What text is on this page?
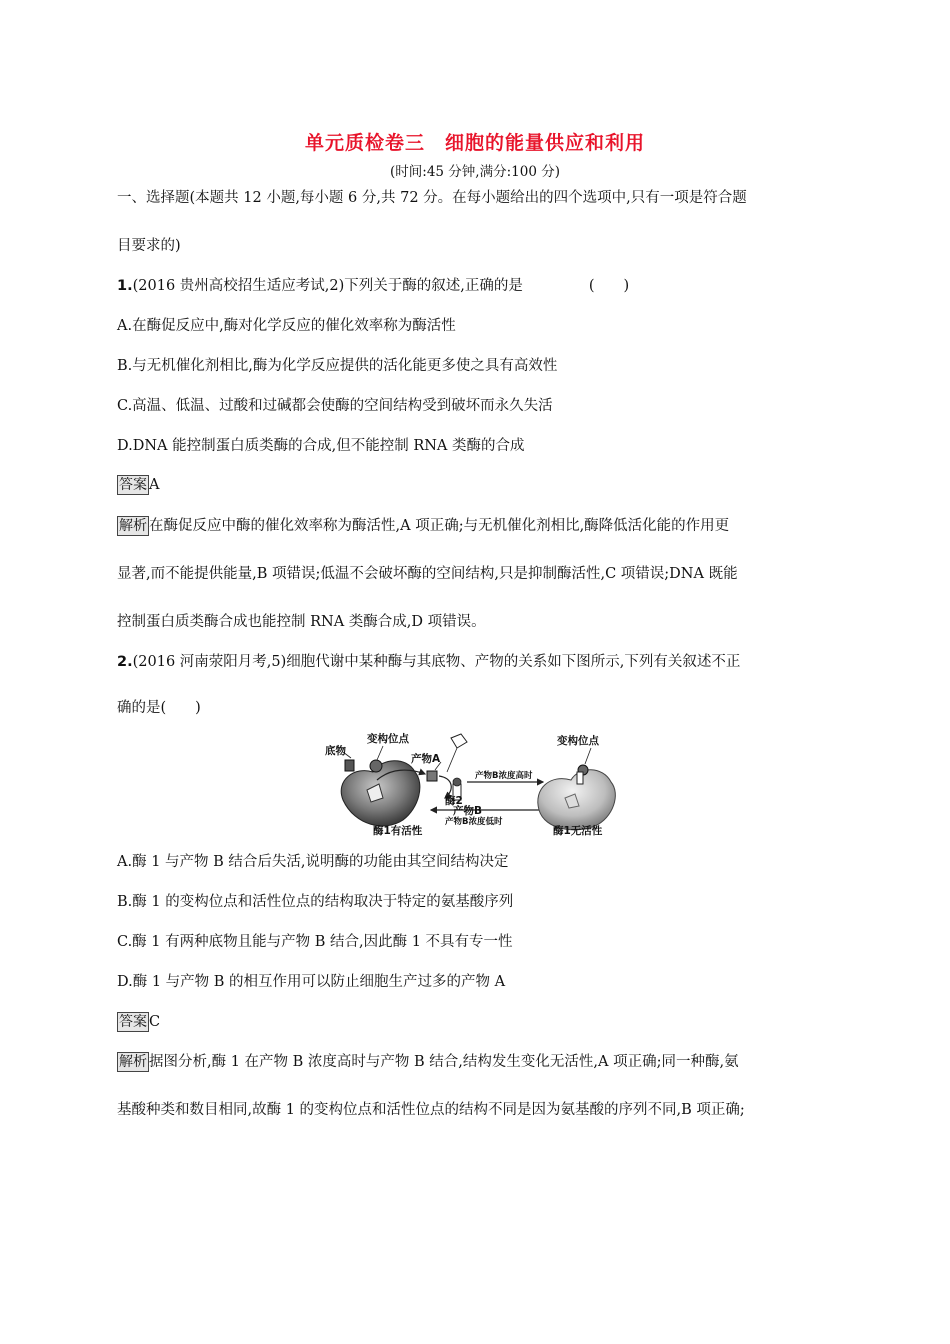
单元质检卷三　细胞的能量供应和利用
(时间:45 分钟,满分:100 分)
一、选择题(本题共 12 小题,每小题 6 分,共 72 分。在每小题给出的四个选项中,只有一项是符合题
目要求的)
1.(2016 贵州高校招生适应考试,2)下列关于酶的叙述,正确的是	(　　)
A.在酶促反应中,酶对化学反应的催化效率称为酶活性
B.与无机催化剂相比,酶为化学反应提供的活化能更多使之具有高效性
C.高温、低温、过酸和过碱都会使酶的空间结构受到破坏而永久失活
D.DNA 能控制蛋白质类酶的合成,但不能控制 RNA 类酶的合成
答案 A
解析 在酶促反应中酶的催化效率称为酶活性,A 项正确;与无机催化剂相比,酶降低活化能的作用更
显著,而不能提供能量,B 项错误;低温不会破坏酶的空间结构,只是抑制酶活性,C 项错误;DNA 既能
控制蛋白质类酶合成也能控制 RNA 类酶合成,D 项错误。
2.(2016 河南荥阳月考,5)细胞代谢中某种酶与其底物、产物的关系如下图所示,下列有关叙述不正
确的是(　　)
底物
变构位点
产物A
酶2
产物B
变构位点
酶1有活性	酶1无活性
产物B浓度高时
产物B浓度低时
A.酶 1 与产物 B 结合后失活,说明酶的功能由其空间结构决定
B.酶 1 的变构位点和活性位点的结构取决于特定的氨基酸序列
C.酶 1 有两种底物且能与产物 B 结合,因此酶 1 不具有专一性
D.酶 1 与产物 B 的相互作用可以防止细胞生产过多的产物 A
答案 C
解析 据图分析,酶 1 在产物 B 浓度高时与产物 B 结合,结构发生变化无活性,A 项正确;同一种酶,氨
基酸种类和数目相同,故酶 1 的变构位点和活性位点的结构不同是因为氨基酸的序列不同,B 项正确;
